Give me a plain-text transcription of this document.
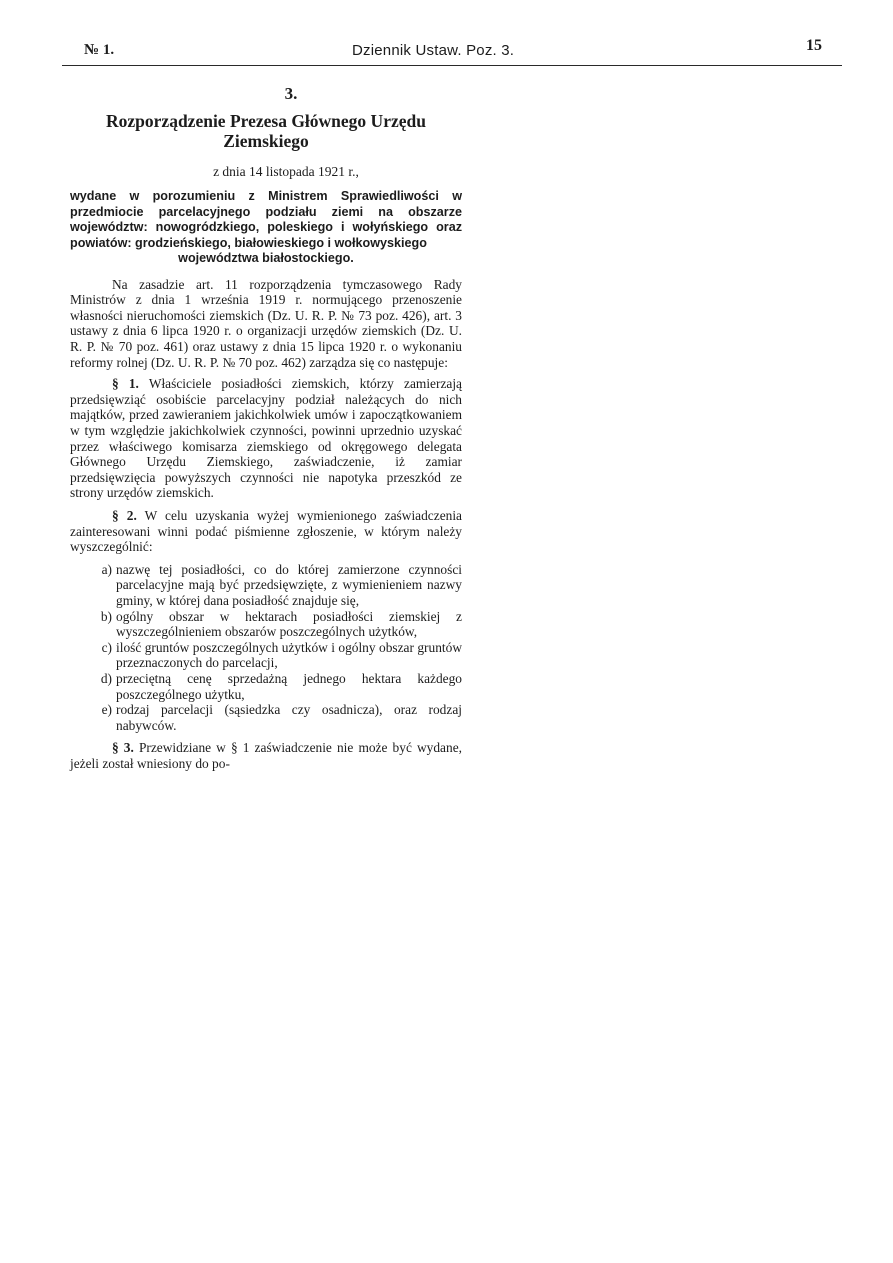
№ 1.	Dziennik Ustaw. Poz. 3.	15
3.
Rozporządzenie Prezesa Głównego Urzędu Ziemskiego
z dnia 14 listopada 1921 r.,
wydane w porozumieniu z Ministrem Sprawiedliwości w przedmiocie parcelacyjnego podziału ziemi na obszarze województw: nowogródzkiego, poleskiego i wołyńskiego oraz powiatów: grodzieńskiego, białowieskiego i wołkowyskiego
województwa białostockiego.

Na zasadzie art. 11 rozporządzenia tymczasowego Rady Ministrów z dnia 1 września 1919 r. normującego przenoszenie własności nieruchomości ziemskich (Dz. U. R. P. № 73 poz. 426), art. 3 ustawy z dnia 6 lipca 1920 r. o organizacji urzędów ziemskich (Dz. U. R. P. № 70 poz. 461) oraz ustawy z dnia 15 lipca 1920 r. o wykonaniu reformy rolnej (Dz. U. R. P. № 70 poz. 462) zarządza się co następuje:

§ 1. Właściciele posiadłości ziemskich, którzy zamierzają przedsięwziąć osobiście parcelacyjny podział należących do nich majątków, przed zawieraniem jakichkolwiek umów i zapoczątkowaniem w tym względzie jakichkolwiek czynności, powinni uprzednio uzyskać przez właściwego komisarza ziemskiego od okręgowego delegata Głównego Urzędu Ziemskiego, zaświadczenie, iż zamiar przedsięwzięcia powyższych czynności nie napotyka przeszkód ze strony urzędów ziemskich.
§ 2. W celu uzyskania wyżej wymienionego zaświadczenia zainteresowani winni podać piśmienne zgłoszenie, w którym należy wyszczególnić:
a) nazwę tej posiadłości, co do której zamierzone czynności parcelacyjne mają być przedsięwzięte, z wymienieniem nazwy gminy, w której dana posiadłość znajduje się,
b) ogólny obszar w hektarach posiadłości ziemskiej z wyszczególnieniem obszarów poszczególnych użytków,
c) ilość gruntów poszczególnych użytków i ogólny obszar gruntów przeznaczonych do parcelacji,
d) przeciętną cenę sprzedażną jednego hektara każdego poszczególnego użytku,
e) rodzaj parcelacji (sąsiedzka czy osadnicza), oraz rodzaj nabywców.
§ 3. Przewidziane w § 1 zaświadczenie nie może być wydane, jeżeli został wniesiony do po-
